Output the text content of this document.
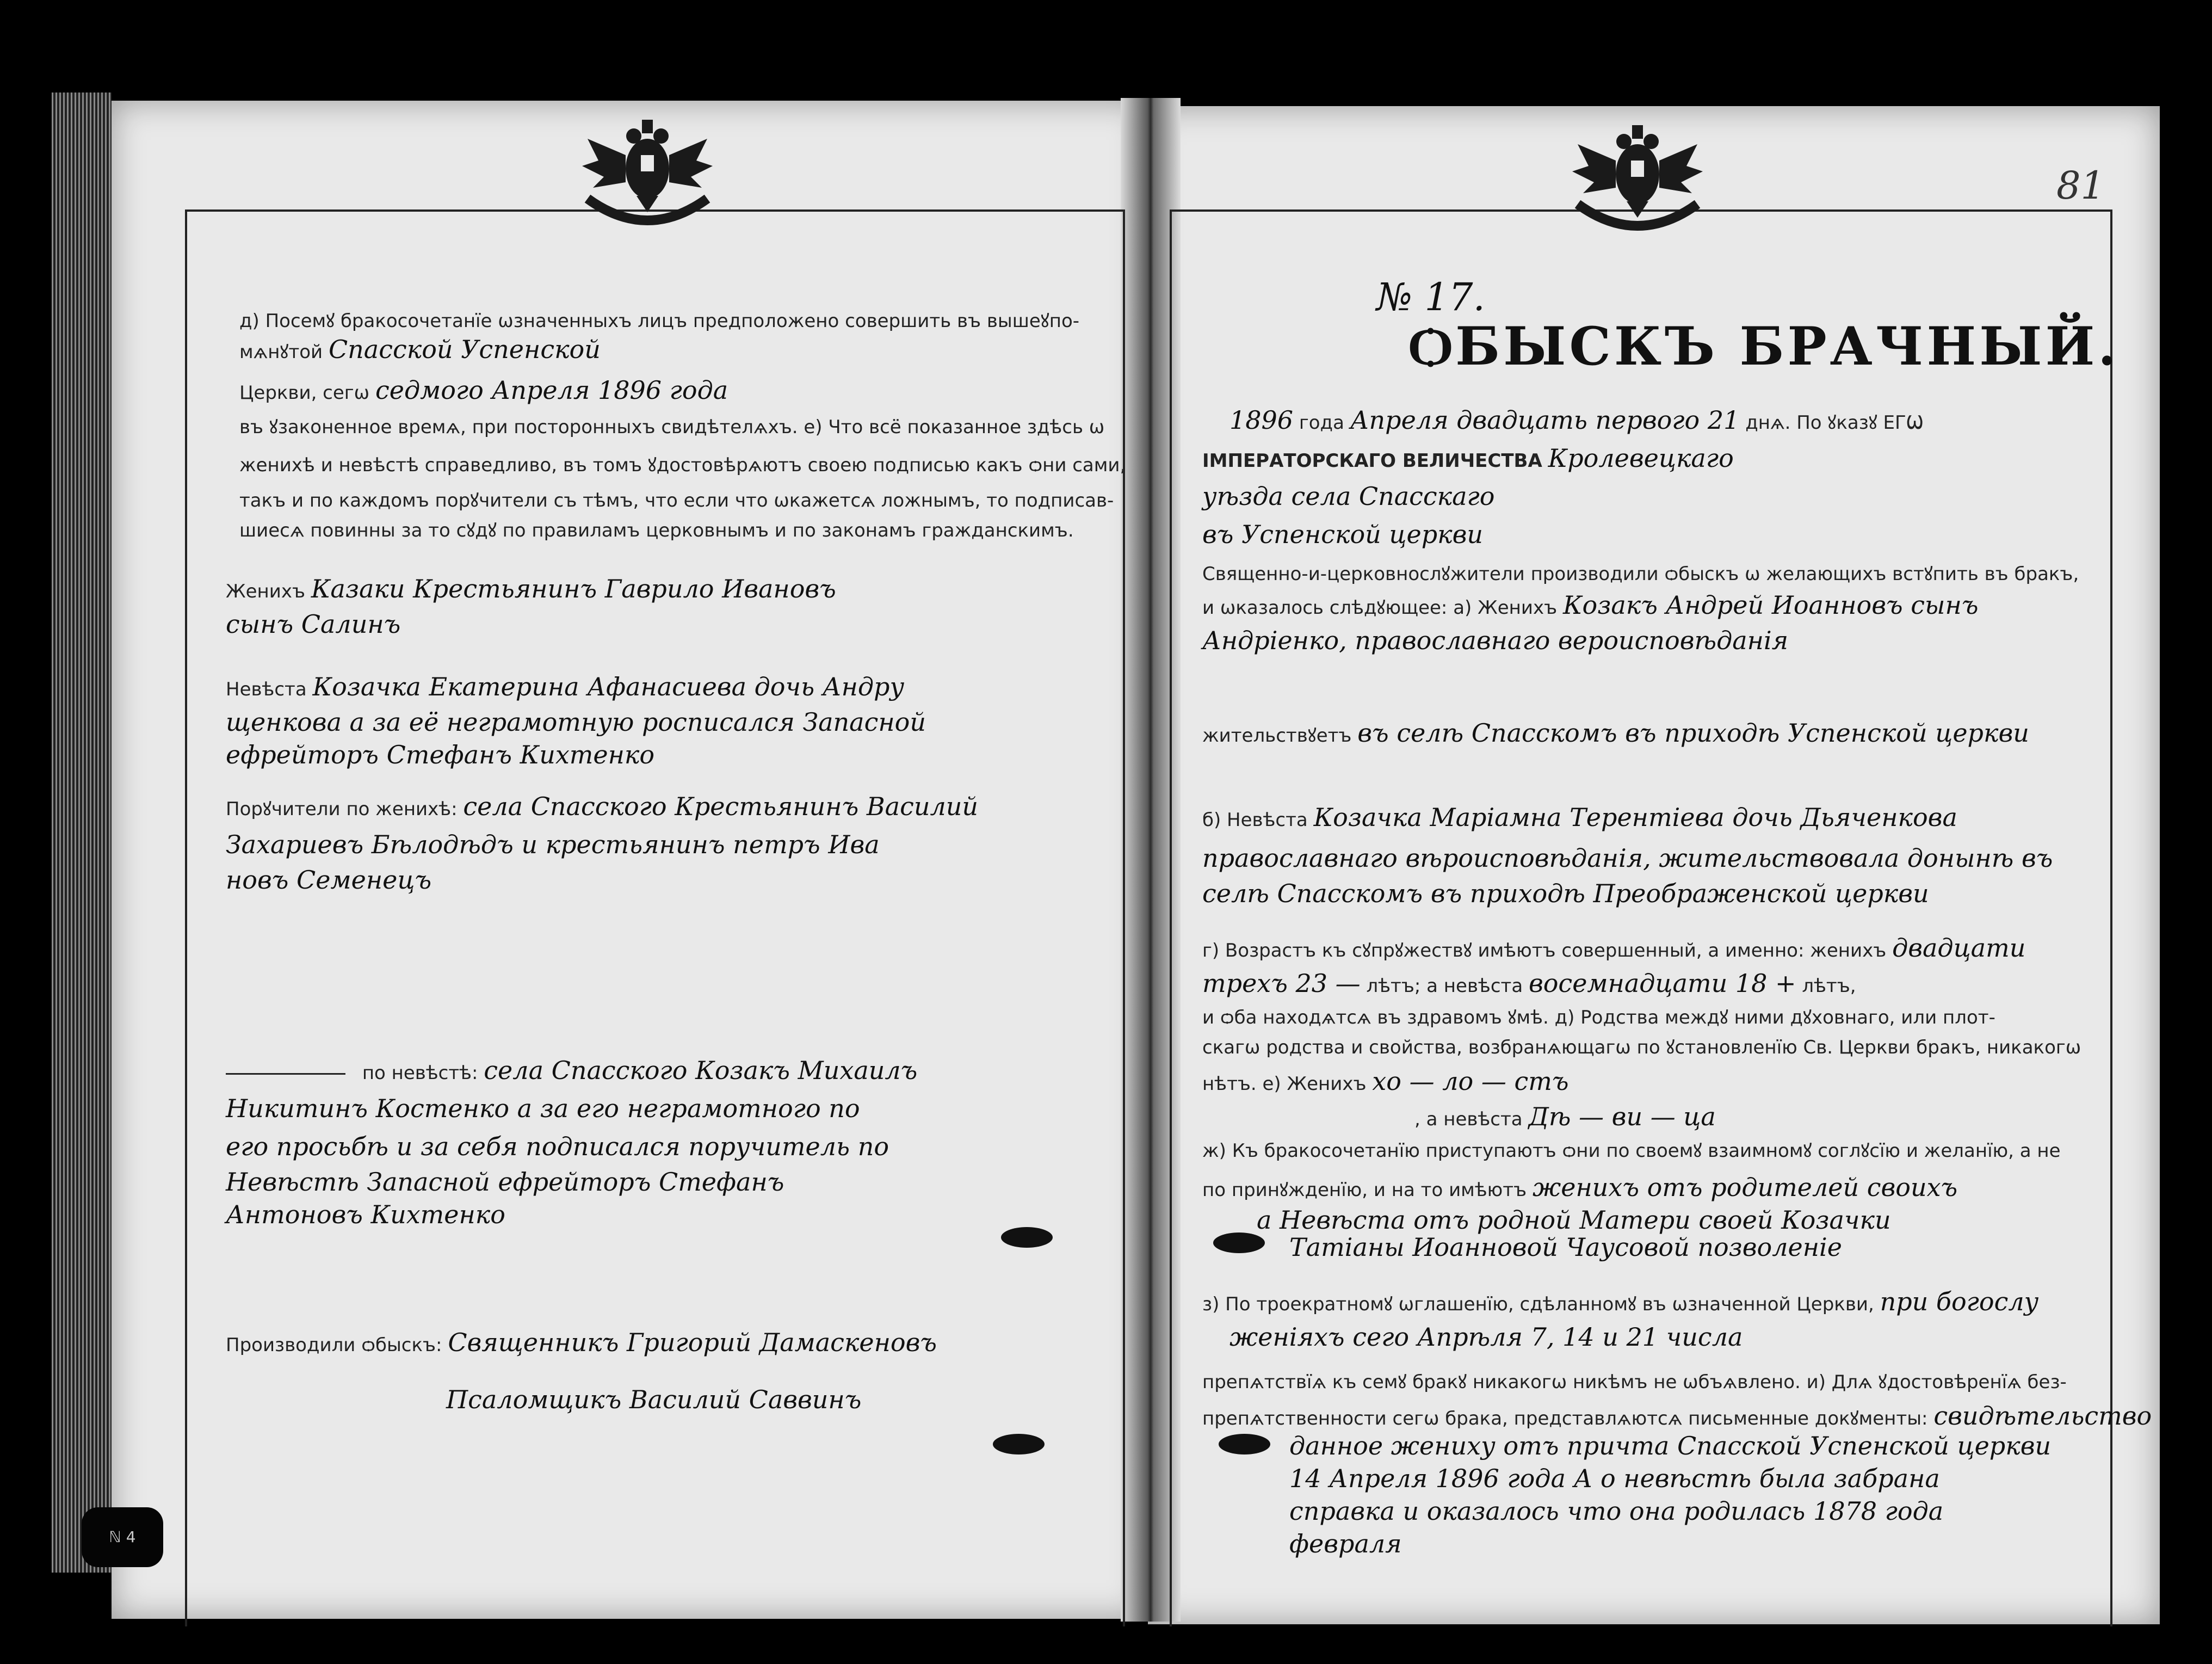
81
д) Посемꙋ бракосочетанїе ѡзначенныхъ лицъ предположено совершить въ вышеꙋпо-
мѧнꙋтой Спасской Успенской
Церкви, сегѡ седмого Апреля 1896 года
въ ꙋзаконенное времѧ, при посторонныхъ свидѣтелѧхъ. е) Что всё показанное здѣсь ѡ
женихѣ и невѣстѣ справедливо, въ томъ ꙋдостовѣрѧютъ своею подписью какъ ѻни сами,
такъ и по каждомъ порꙋчители съ тѣмъ, что если что ѡкажетсѧ ложнымъ, то подписав-
шиесѧ повинны за то сꙋдꙋ по правиламъ церковнымъ и по законамъ гражданскимъ.
Женихъ Казаки Крестьянинъ Гаврило Ивановъ
сынъ Салинъ
Невѣста Козачка Екатерина Афанасиева дочь Андру
щенкова а за её неграмотную росписался Запасной
ефрейторъ Стефанъ Кихтенко
Порꙋчители по женихѣ: села Спасского Крестьянинъ Василий
Захариевъ Бѣлодѣдъ и крестьянинъ петръ Ива
новъ Семенецъ
по невѣстѣ: села Спасского Козакъ Михаилъ
Никитинъ Костенко а за его неграмотного по
его просьбѣ и за себя подписался поручитель по
Невѣстѣ Запасной ефрейторъ Стефанъ
Антоновъ Кихтенко
Производили ѻбыскъ: Священникъ Григорий Дамаскеновъ
Псаломщикъ Василий Саввинъ
№ 17.
ѺБЫСКЪ БРАЧНЫЙ.
1896 года Апреля двадцать первого 21 днѧ. По ꙋказꙋ ЕГѠ
ІМПЕРАТОРСКАГО ВЕЛИЧЕСТВА Кролевецкаго
уѣзда села Спасскаго
въ Успенской церкви
Священно-и-церковнослꙋжители производили ѻбыскъ ѡ желающихъ встꙋпить въ бракъ,
и ѡказалось слѣдꙋющее: а) Женихъ Козакъ Андрей Иоанновъ сынъ
Андрiенко, православнаго вероисповѣданiя
жительствꙋетъ въ селѣ Спасскомъ въ приходѣ Успенской церкви
б) Невѣста Козачка Марiамна Терентiева дочь Дьяченкова
православнаго вѣроисповѣданiя, жительствовала донынѣ въ
селѣ Спасскомъ въ приходѣ Преображенской церкви
г) Возрастъ къ сꙋпрꙋжествꙋ имѣютъ совершенный, а именно: женихъ двадцати
трехъ 23 — лѣтъ; а невѣста восемнадцати 18 + лѣтъ,
и ѻба находѧтсѧ въ здравомъ ꙋмѣ. д) Родства междꙋ ними дꙋховнаго, или плот-
скагѡ родства и свойства, возбранѧющагѡ по ꙋстановленїю Св. Церкви бракъ, никакогѡ
нѣтъ. е) Женихъ хо — ло — стъ
, а невѣста Дѣ — ви — ца
ж) Къ бракосочетанїю приступаютъ ѻни по своемꙋ взаимномꙋ соглꙋсїю и желанїю, а не
по принꙋжденїю, и на то имѣютъ женихъ отъ родителей своихъ
а Невѣста отъ родной Матери своей Козачки
Татiаны Иоанновой Чаусовой позволенiе
з) По троекратномꙋ ѡглашенїю, сдѣланномꙋ въ ѡзначенной Церкви, при богослу
женiяхъ сего Апрѣля 7, 14 и 21 числа
препѧтствїѧ къ семꙋ бракꙋ никакогѡ никѣмъ не ѡбъѧвлено. и) Длѧ ꙋдостовѣренїѧ без-
препѧтственности сегѡ брака, представлѧютсѧ письменные докꙋменты: свидѣтельство
данное жениху отъ причта Спасской Успенской церкви
14 Апреля 1896 года А о невѣстѣ была забрана
справка и оказалось что она родилась 1878 года
февраля
ℕ 4
